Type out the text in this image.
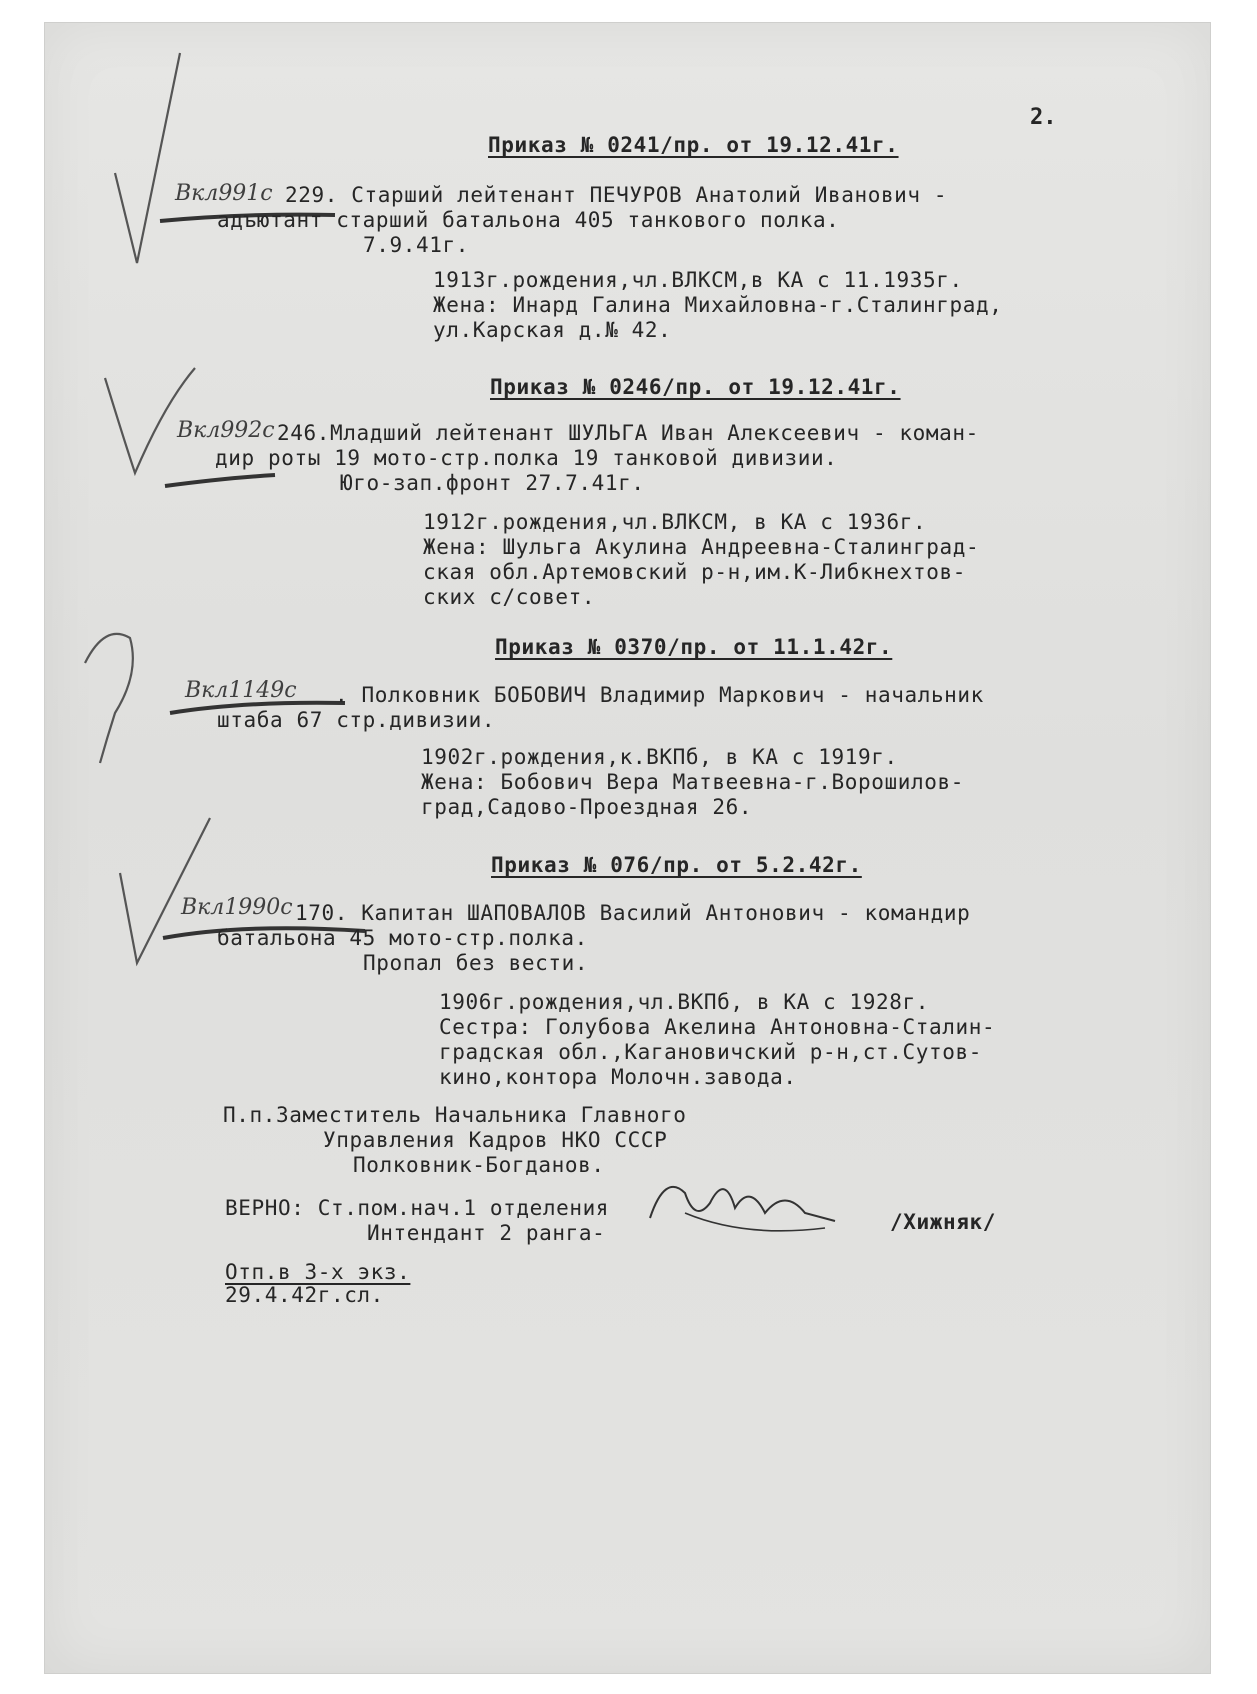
2.
Приказ № 0241/пр. от 19.12.41г.
Вкл991с 229. Старший лейтенант ПЕЧУРОВ Анатолий Иванович -
адъютант старший батальона 405 танкового полка.
7.9.41г.
1913г.рождения,чл.ВЛКСМ,в КА с 11.1935г.
Жена: Инард Галина Михайловна-г.Сталинград,
ул.Карская д.№ 42.
Приказ № 0246/пр. от 19.12.41г.
Вкл992с 246.Младший лейтенант ШУЛЬГА Иван Алексеевич - коман-
дир роты 19 мото-стр.полка 19 танковой дивизии.
Юго-зап.фронт 27.7.41г.
1912г.рождения,чл.ВЛКСМ, в КА с 1936г.
Жена: Шульга Акулина Андреевна-Сталинград-
ская обл.Артемовский р-н,им.К-Либкнехтов-
ских с/совет.
Приказ № 0370/пр. от 11.1.42г.
Вкл1149с . Полковник БОБОВИЧ Владимир Маркович - начальник
штаба 67 стр.дивизии.
1902г.рождения,к.ВКПб, в КА с 1919г.
Жена: Бобович Вера Матвеевна-г.Ворошилов-
град,Садово-Проездная 26.
Приказ № 076/пр. от 5.2.42г.
Вкл1990с 170. Капитан ШАПОВАЛОВ Василий Антонович - командир
батальона 45 мото-стр.полка.
Пропал без вести.
1906г.рождения,чл.ВКПб, в КА с 1928г.
Сестра: Голубова Акелина Антоновна-Сталин-
градская обл.,Кагановичский р-н,ст.Сутов-
кино,контора Молочн.завода.
П.п.Заместитель Начальника Главного
Управления Кадров НКО СССР
Полковник-Богданов.
ВЕРНО: Ст.пом.нач.1 отделения
Интендант 2 ранга-	/Хижняк/
Отп.в 3-х экз.
29.4.42г.сл.
